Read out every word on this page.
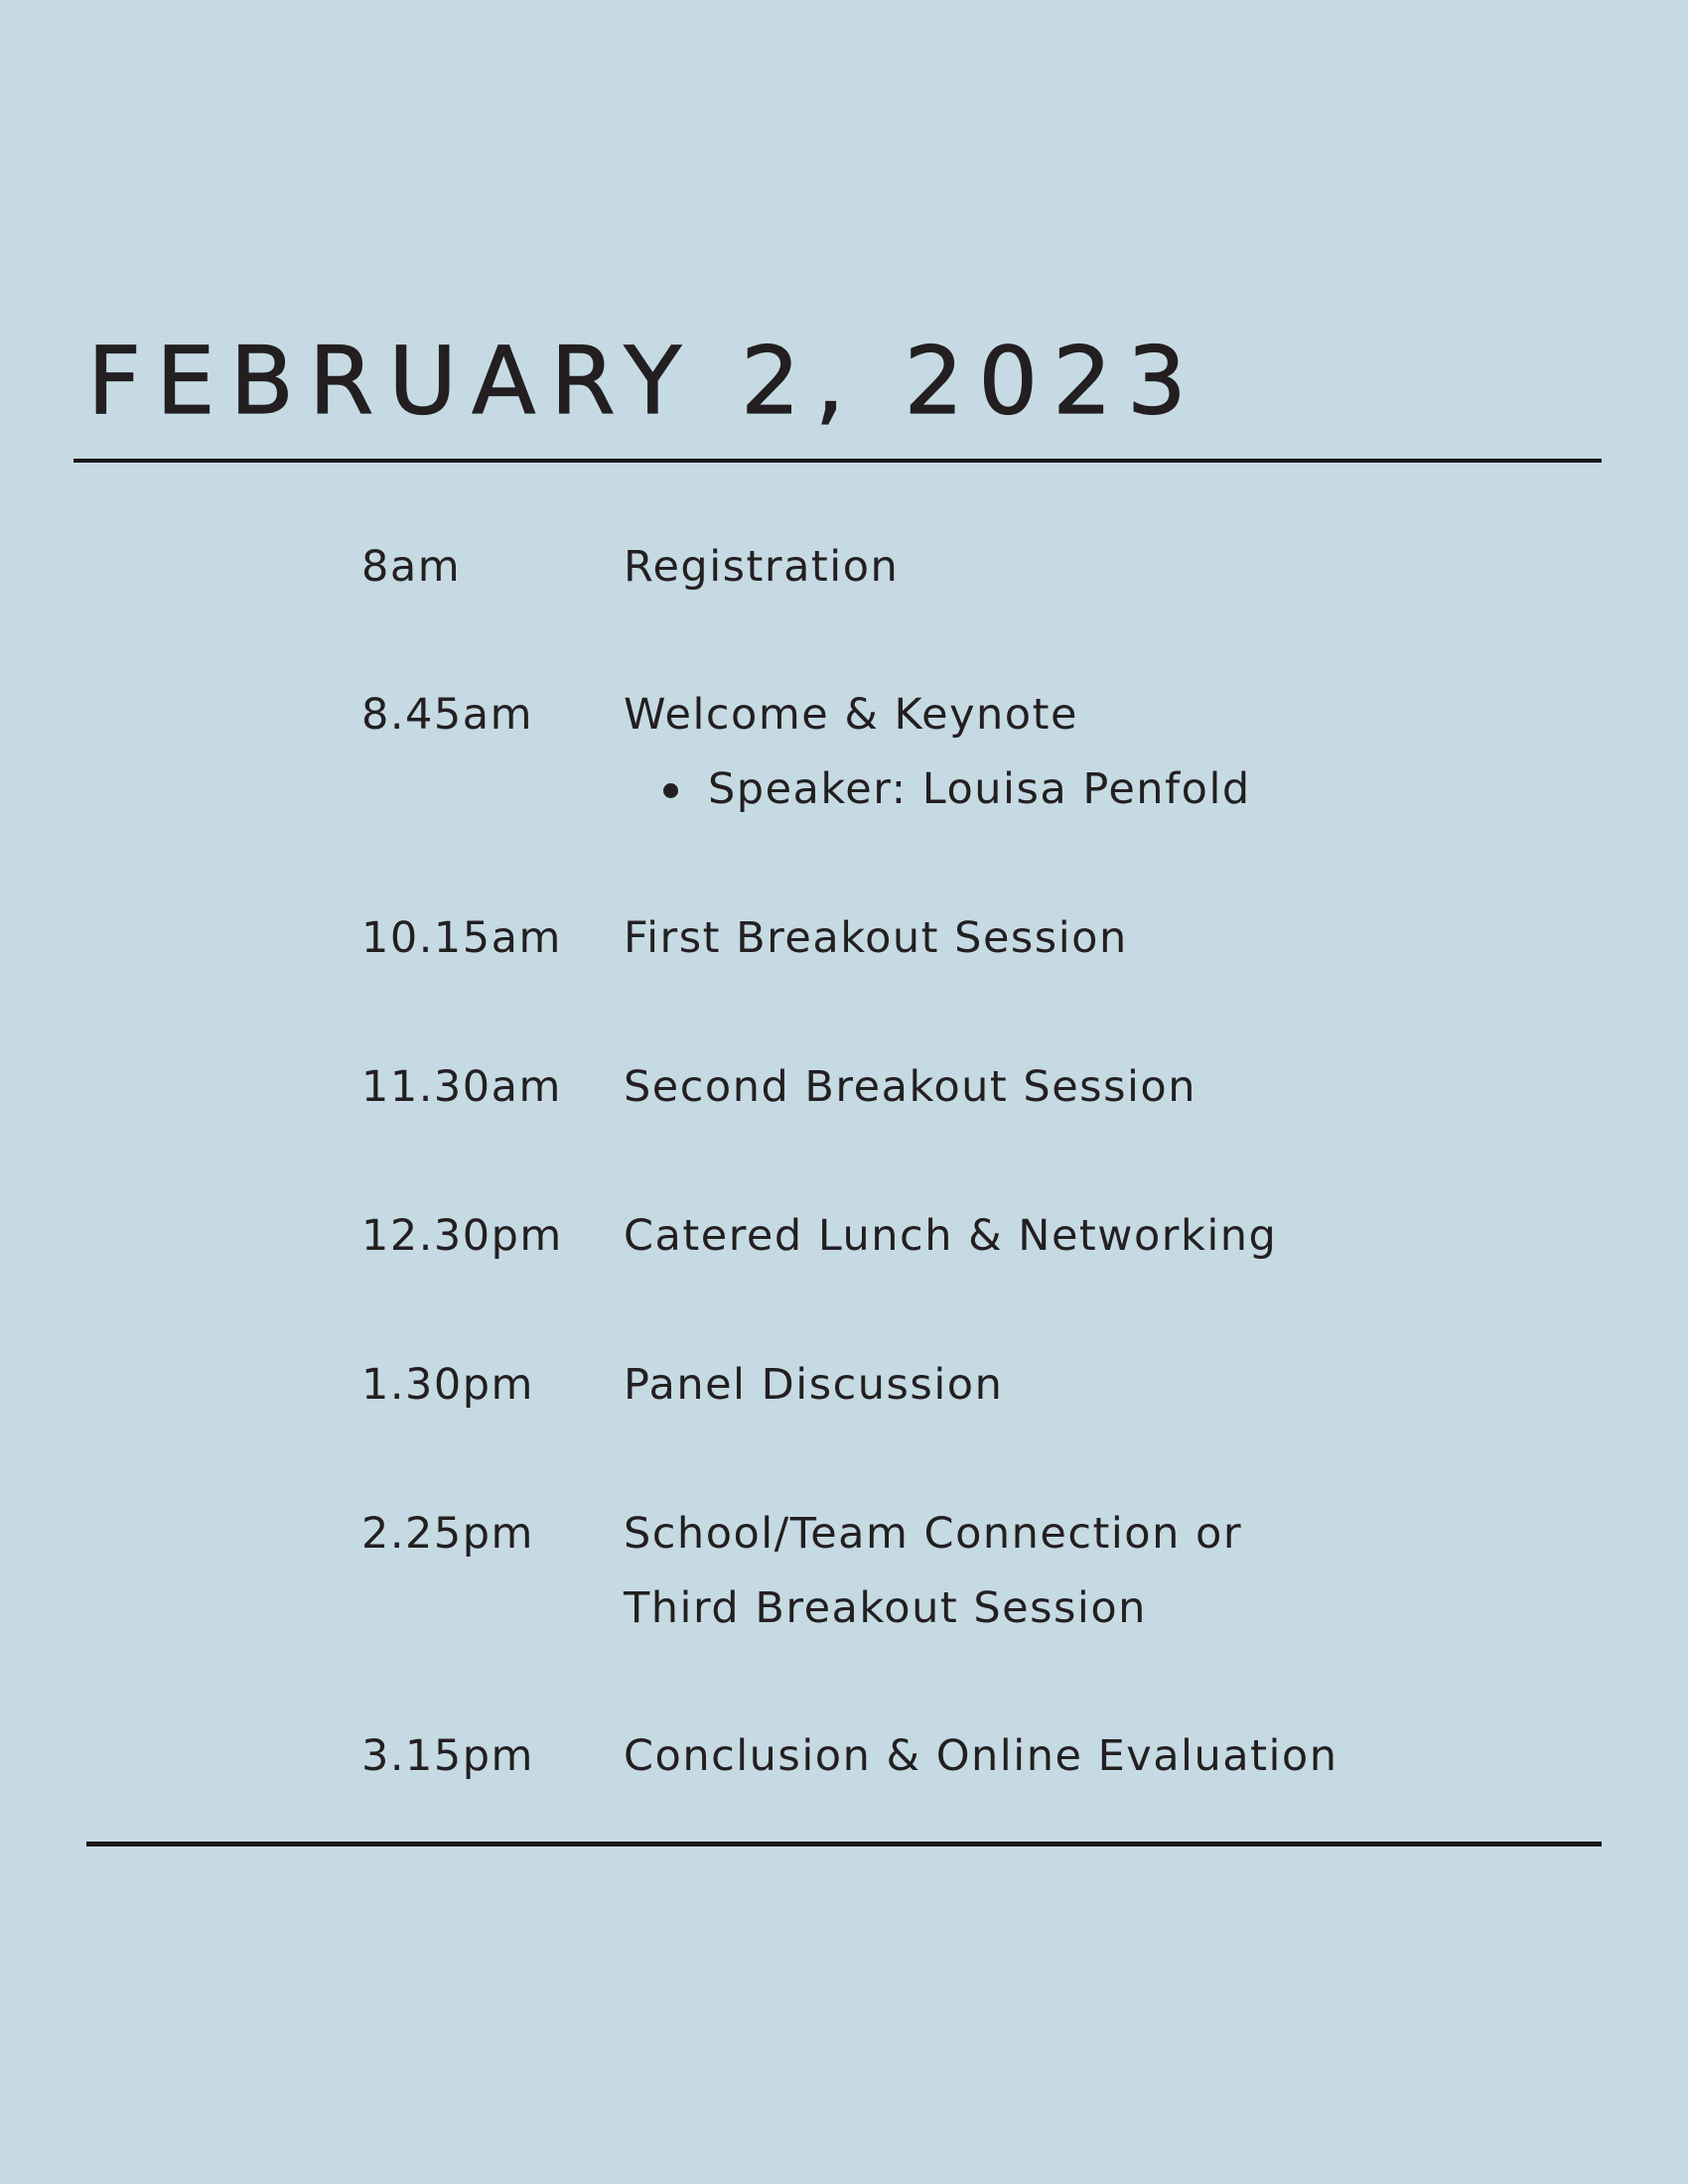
FEBRUARY 2, 2023
8am	Registration
8.45am	Welcome & Keynote
Speaker: Louisa Penfold
10.15am	First Breakout Session
11.30am	Second Breakout Session
12.30pm	Catered Lunch & Networking
1.30pm	Panel Discussion
2.25pm	School/Team Connection or
Third Breakout Session
3.15pm	Conclusion & Online Evaluation
